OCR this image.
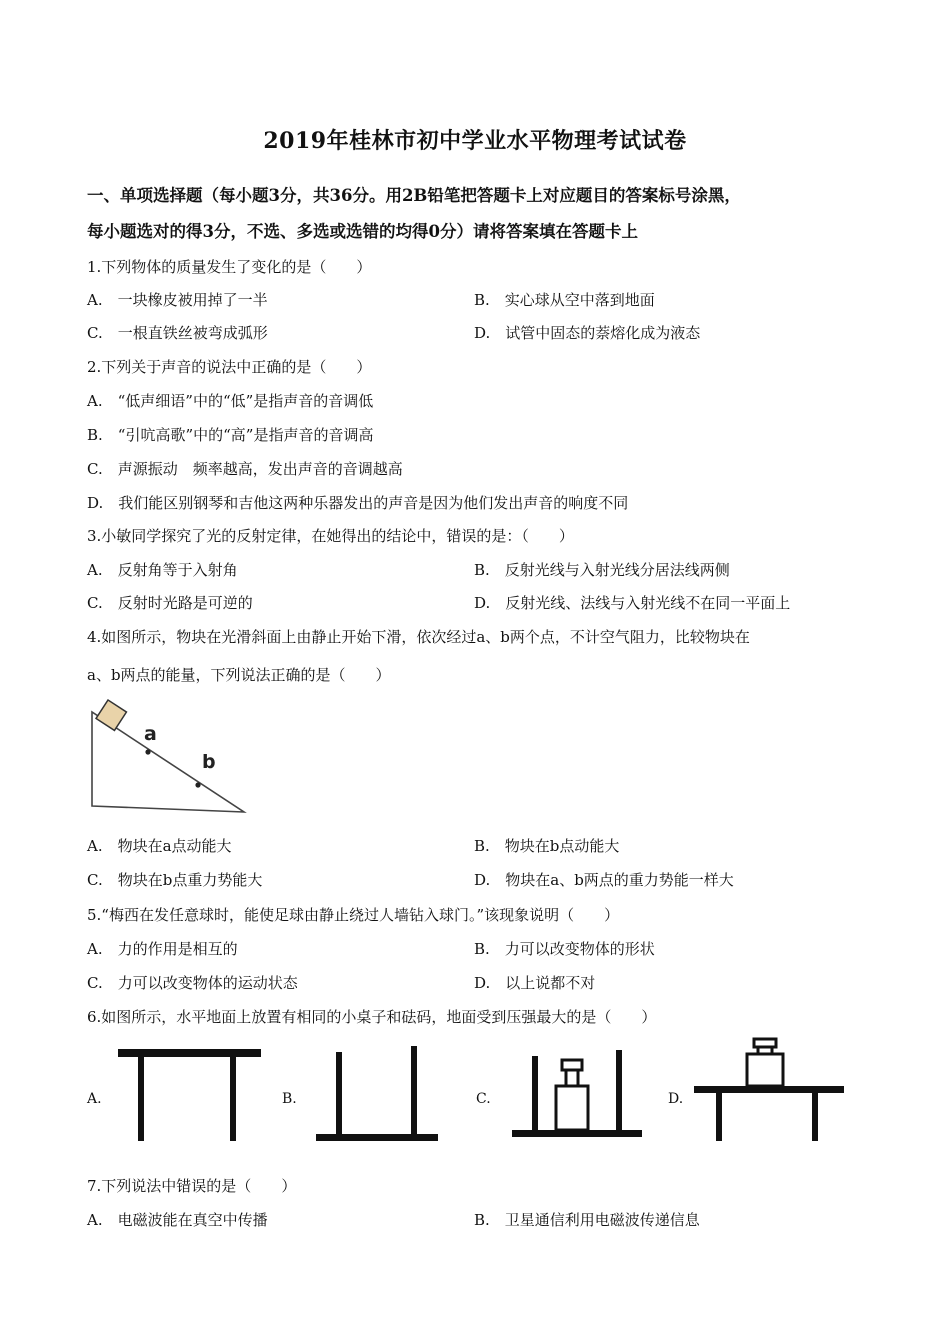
2019年桂林市初中学业水平物理考试试卷
一、单项选择题（每小题3分，共36分。用2B铅笔把答题卡上对应题目的答案标号涂黑，
每小题选对的得3分，不选、多选或选错的均得0分）请将答案填在答题卡上
1.下列物体的质量发生了变化的是（　　）
A.　一块橡皮被用掉了一半	B.　实心球从空中落到地面
C.　一根直铁丝被弯成弧形	D.　试管中固态的萘熔化成为液态
2.下列关于声音的说法中正确的是（　　）
A.　“低声细语”中的“低”是指声音的音调低
B.　“引吭高歌”中的“高”是指声音的音调高
C.　声源振动　频率越高，发出声音的音调越高
D.　我们能区别钢琴和吉他这两种乐器发出的声音是因为他们发出声音的响度不同
3.小敏同学探究了光的反射定律，在她得出的结论中，错误的是：（　　）
A.　反射角等于入射角	B.　反射光线与入射光线分居法线两侧
C.　反射时光路是可逆的	D.　反射光线、法线与入射光线不在同一平面上
4.如图所示，物块在光滑斜面上由静止开始下滑，依次经过a、b两个点，不计空气阻力，比较物块在
a、b两点的能量，下列说法正确的是（　　）
a
b
A.　物块在a点动能大	B.　物块在b点动能大
C.　物块在b点重力势能大	D.　物块在a、b两点的重力势能一样大
5.“梅西在发任意球时，能使足球由静止绕过人墙钻入球门。”该现象说明（　　）
A.　力的作用是相互的	B.　力可以改变物体的形状
C.　力可以改变物体的运动状态	D.　以上说都不对
6.如图所示，水平地面上放置有相同的小桌子和砝码，地面受到压强最大的是（　　）
A.	B.	C.	D.
7.下列说法中错误的是（　　）
A.　电磁波能在真空中传播	B.　卫星通信利用电磁波传递信息
